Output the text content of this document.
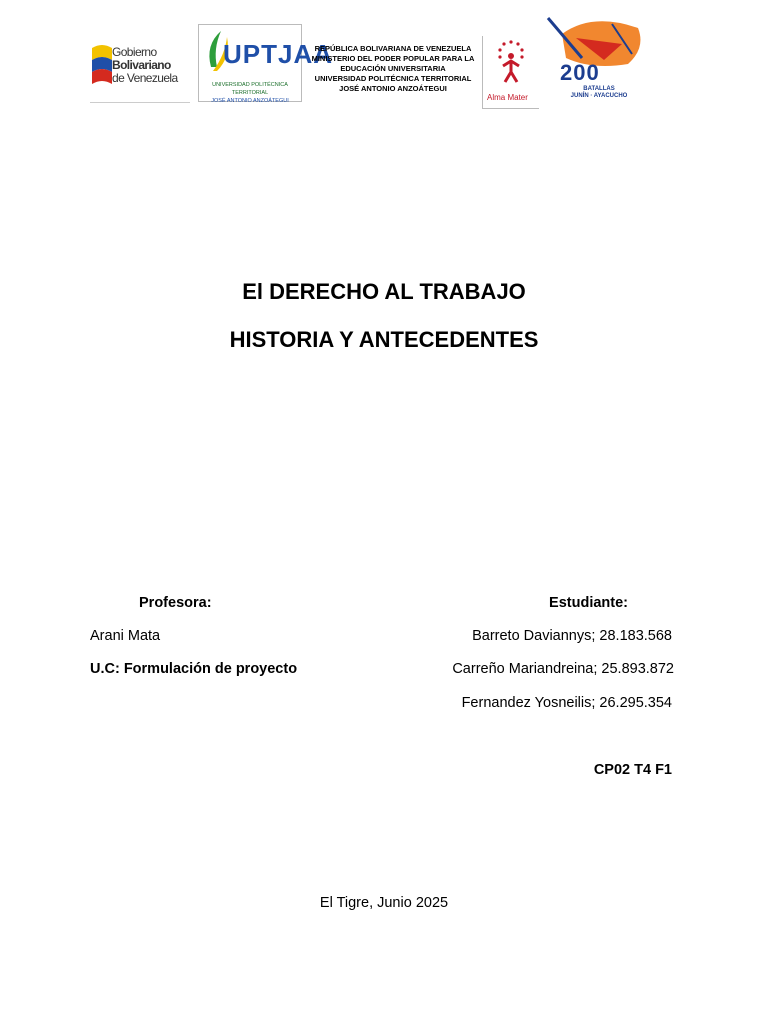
Gobierno Bolivariano
de Venezuela
UPTJAA
UNIVERSIDAD POLITÉCNICA TERRITORIAL
JOSÉ ANTONIO ANZOÁTEGUI
REPÚBLICA BOLIVARIANA DE VENEZUELA
MINISTERIO DEL PODER POPULAR PARA LA
EDUCACIÓN UNIVERSITARIA
UNIVERSIDAD POLITÉCNICA TERRITORIAL
JOSÉ ANTONIO ANZOÁTEGUI
Alma Mater
200
BATALLAS
JUNÍN · AYACUCHO
El DERECHO AL TRABAJO
HISTORIA Y ANTECEDENTES
Profesora:
Arani Mata
U.C: Formulación de proyecto
Estudiante:
Barreto Daviannys; 28.183.568
Carreño Mariandreina; 25.893.872
Fernandez Yosneilis; 26.295.354
CP02 T4 F1
El Tigre, Junio 2025
